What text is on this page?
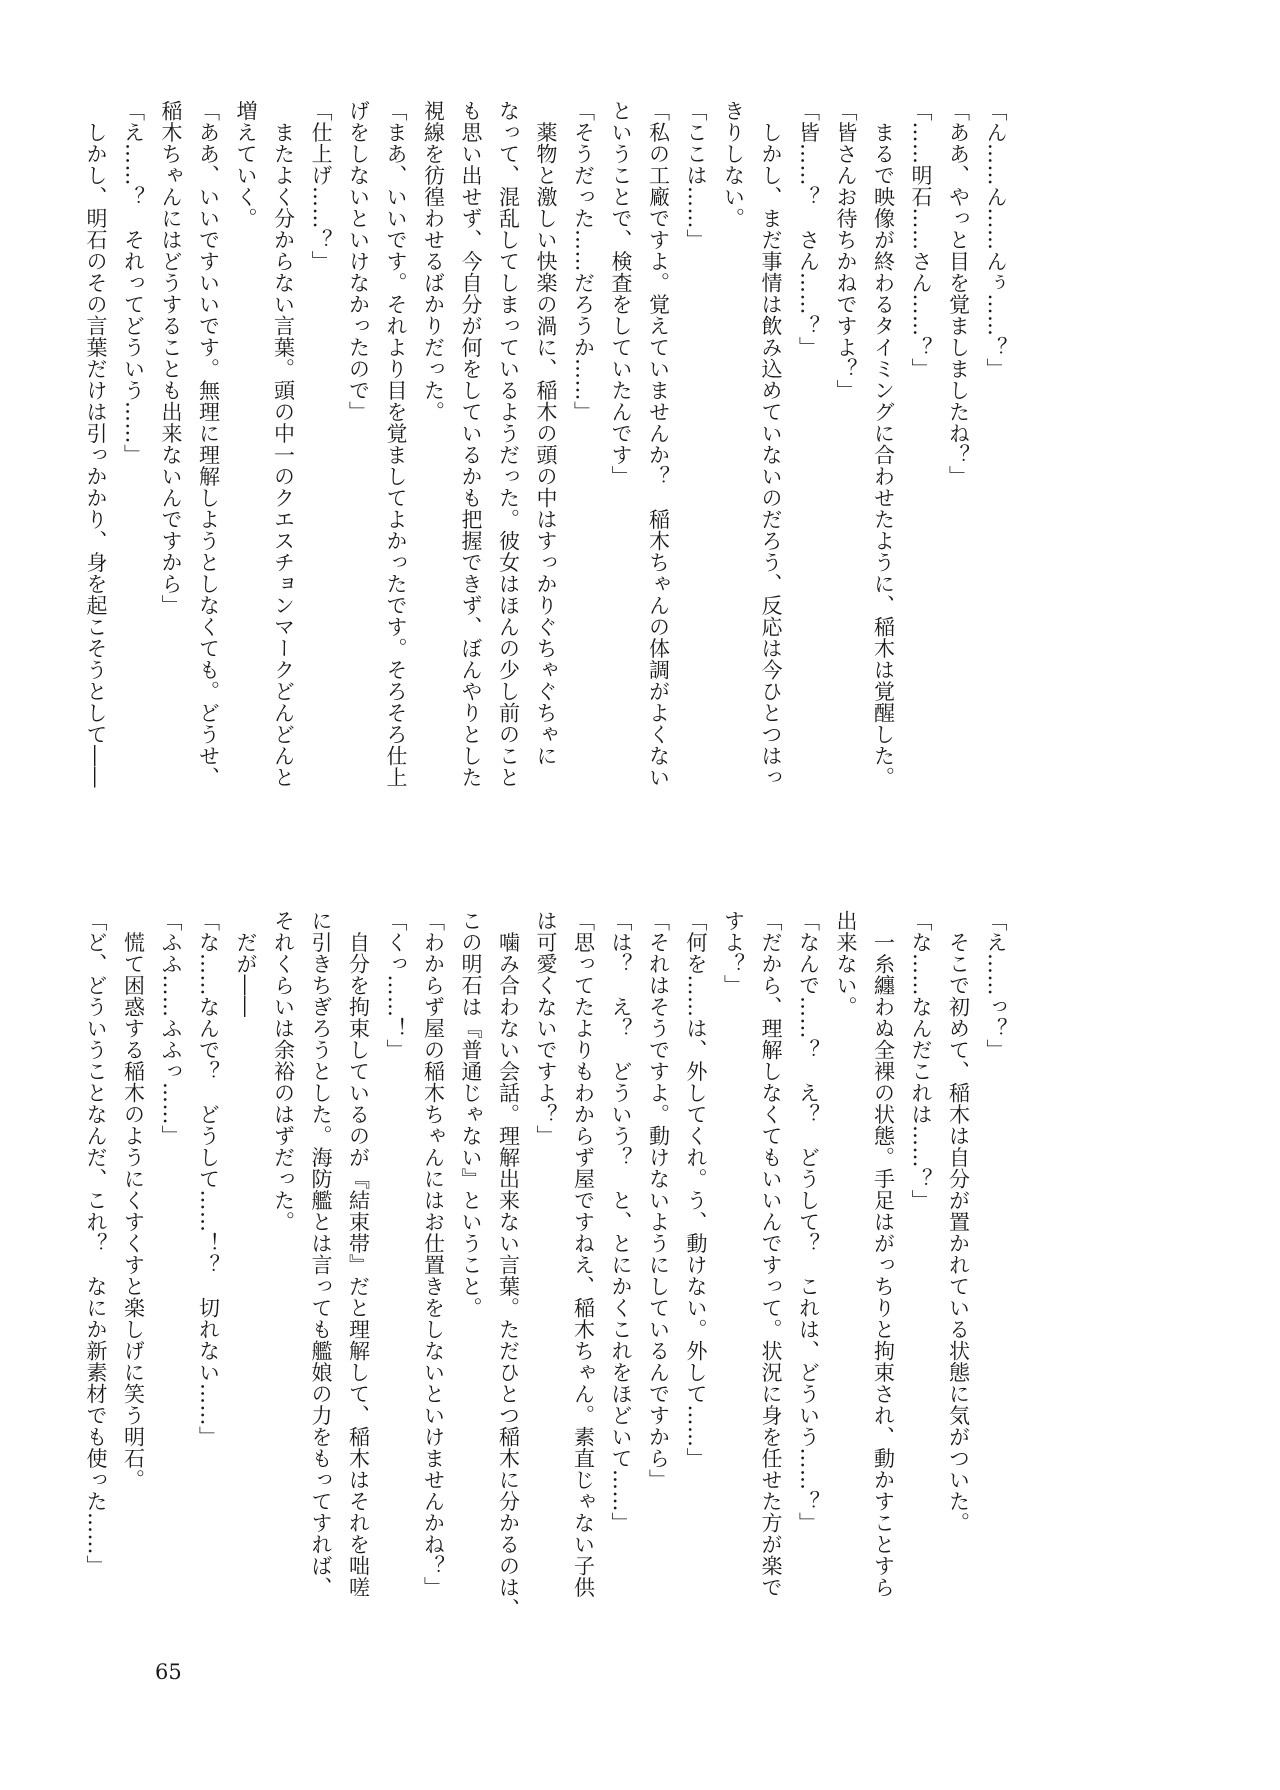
「ん……ん……んぅ……？」
「ああ、やっと目を覚ましましたね？」
「……明石……さん……？」
　まるで映像が終わるタイミングに合わせたように、稲木は覚醒した。
「皆さんお待ちかねですよ？」
「皆……？　さん……？」
　しかし、まだ事情は飲み込めていないのだろう、反応は今ひとつはっ
きりしない。
「ここは……」
「私の工廠ですよ。覚えていませんか？　稲木ちゃんの体調がよくない
ということで、検査をしていたんです」
「そうだった……だろうか……」
　薬物と激しい快楽の渦に、稲木の頭の中はすっかりぐちゃぐちゃに
なって、混乱してしまっているようだった。彼女はほんの少し前のこと
も思い出せず、今自分が何をしているかも把握できず、ぼんやりとした
視線を彷徨わせるばかりだった。
「まあ、いいです。それより目を覚ましてよかったです。そろそろ仕上
げをしないといけなかったので」
「仕上げ……？」
　またよく分からない言葉。頭の中一のクエスチョンマークどんどんと
増えていく。
「ああ、いいですいいです。無理に理解しようとしなくても。どうせ、
稲木ちゃんにはどうすることも出来ないんですから」
「え……？　それってどういう……」
　しかし、明石のその言葉だけは引っかかり、身を起こそうとして――
「え……っ？」
　そこで初めて、稲木は自分が置かれている状態に気がついた。
「な……なんだこれは……？」
　一糸纏わぬ全裸の状態。手足はがっちりと拘束され、動かすことすら
出来ない。
「なんで……？　え？　どうして？　これは、どういう……？」
「だから、理解しなくてもいいんですって。状況に身を任せた方が楽で
すよ？」
「何を……は、外してくれ。う、動けない。外して……」
「それはそうですよ。動けないようにしているんですから」
「は？　え？　どういう？　と、とにかくこれをほどいて……」
「思ってたよりもわからず屋ですねえ、稲木ちゃん。素直じゃない子供
は可愛くないですよ？」
　噛み合わない会話。理解出来ない言葉。ただひとつ稲木に分かるのは、
この明石は『普通じゃない』ということ。
「わからず屋の稲木ちゃんにはお仕置きをしないといけませんかね？」
「くっ……！」
　自分を拘束しているのが『結束帯』だと理解して、稲木はそれを咄嗟
に引きちぎろうとした。海防艦とは言っても艦娘の力をもってすれば、
それくらいは余裕のはずだった。
　だが――
「な……なんで？　どうして……！？　切れない……」
「ふふ……ふふっ……」
　慌て困惑する稲木のようにくすくすと楽しげに笑う明石。
「ど、どういうことなんだ、これ？　なにか新素材でも使った……」
65
